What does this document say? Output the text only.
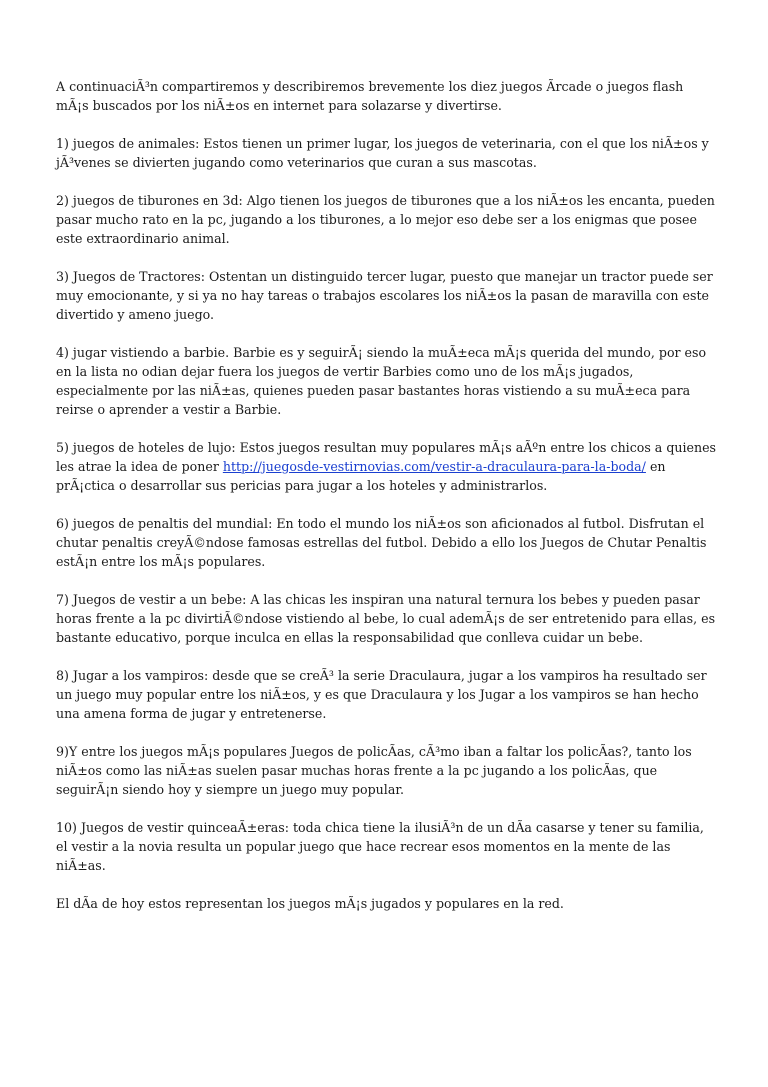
A continuaciÃ³n compartiremos y describiremos brevemente los diez juegos Ãrcade o juegos flash mÃ¡s buscados por los niÃ±os en internet para solazarse y divertirse.

1) juegos de animales: Estos tienen un primer lugar, los juegos de veterinaria, con el que los niÃ±os y jÃ³venes se divierten jugando como veterinarios que curan a sus mascotas.

2) juegos de tiburones en 3d: Algo tienen los juegos de tiburones que a los niÃ±os les encanta, pueden pasar mucho rato en la pc, jugando a los tiburones, a lo mejor eso debe ser a los enigmas que posee este extraordinario animal.

3) Juegos de Tractores: Ostentan un distinguido tercer lugar, puesto que manejar un tractor puede ser muy emocionante, y si ya no hay tareas o trabajos escolares los niÃ±os la pasan de maravilla con este divertido y ameno juego.

4) jugar vistiendo a barbie. Barbie es y seguirÃ¡ siendo la muÃ±eca mÃ¡s querida del mundo, por eso en la lista no odian dejar fuera los juegos de vertir Barbies como uno de los mÃ¡s jugados, especialmente por las niÃ±as, quienes pueden pasar bastantes horas vistiendo a su muÃ±eca para reirse o aprender a vestir a Barbie.

5) juegos de hoteles de lujo: Estos juegos resultan muy populares mÃ¡s aÃºn entre los chicos a quienes les atrae la idea de poner http://juegosde-vestirnovias.com/vestir-a-draculaura-para-la-boda/ en prÃ¡ctica o desarrollar sus pericias para jugar a los hoteles y administrarlos.

6) juegos de penaltis del mundial: En todo el mundo los niÃ±os son aficionados al futbol. Disfrutan el chutar penaltis creyÃ©ndose famosas estrellas del futbol. Debido a ello los Juegos de Chutar Penaltis estÃ¡n entre los mÃ¡s populares.

7) Juegos de vestir a un bebe: A las chicas les inspiran una natural ternura los bebes y pueden pasar horas frente a la pc divirtiÃ©ndose vistiendo al bebe, lo cual ademÃ¡s de ser entretenido para ellas, es bastante educativo, porque inculca en ellas la responsabilidad que conlleva cuidar un bebe.

8) Jugar a los vampiros: desde que se creÃ³ la serie Draculaura, jugar a los vampiros ha resultado ser un juego muy popular entre los niÃ±os, y es que Draculaura y los Jugar a los vampiros se han hecho una amena forma de jugar y entretenerse.

9)Y entre los juegos mÃ¡s populares Juegos de policÃas, cÃ³mo iban a faltar los policÃas?, tanto los niÃ±os como las niÃ±as suelen pasar muchas horas frente a la pc jugando a los policÃas, que seguirÃ¡n siendo hoy y siempre un juego muy popular.

10) Juegos de vestir quinceaÃ±eras: toda chica tiene la ilusiÃ³n de un dÃa casarse y tener su familia, el vestir a la novia resulta un popular juego que hace recrear esos momentos en la mente de las niÃ±as.

El dÃa de hoy estos representan los juegos mÃ¡s jugados y populares en la red.
